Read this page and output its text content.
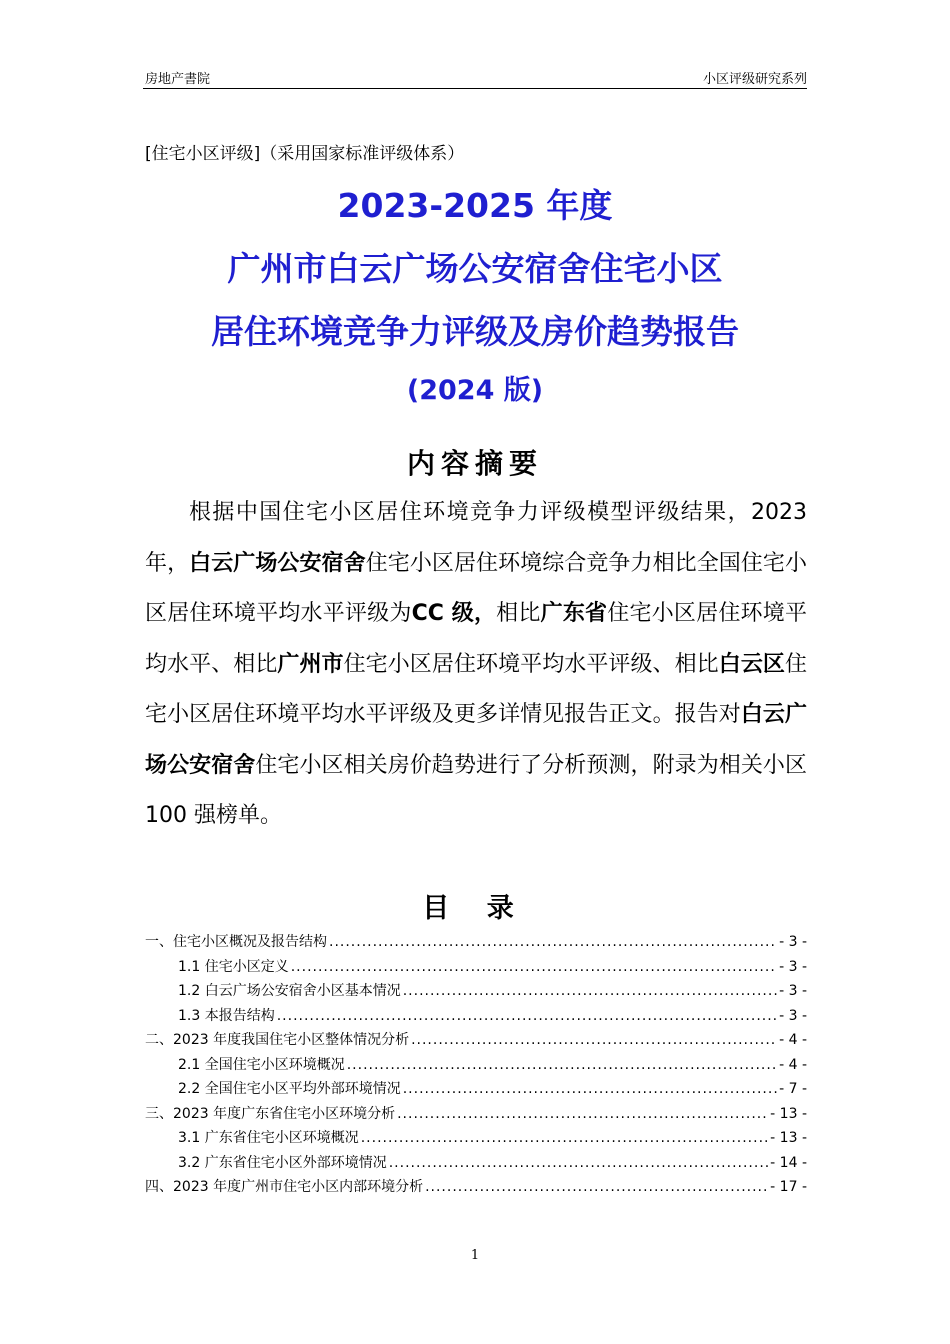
房地产書院	小区评级研究系列
[住宅小区评级]（采用国家标准评级体系）
2023-2025 年度
广州市白云广场公安宿舍住宅小区
居住环境竞争力评级及房价趋势报告
(2024 版)
内容摘要
根据中国住宅小区居住环境竞争力评级模型评级结果，2023 年，白云广场公安宿舍住宅小区居住环境综合竞争力相比全国住宅小区居住环境平均水平评级为CC 级，相比广东省住宅小区居住环境平均水平、相比广州市住宅小区居住环境平均水平评级、相比白云区住宅小区居住环境平均水平评级及更多详情见报告正文。报告对白云广场公安宿舍住宅小区相关房价趋势进行了分析预测，附录为相关小区 100 强榜单。
目 录
一、住宅小区概况及报告结构 .....	- 3 -
1.1 住宅小区定义 .....	- 3 -
1.2 白云广场公安宿舍小区基本情况 .....	- 3 -
1.3 本报告结构 .....	- 3 -
二、2023 年度我国住宅小区整体情况分析 .....	- 4 -
2.1 全国住宅小区环境概况 .....	- 4 -
2.2 全国住宅小区平均外部环境情况 .....	- 7 -
三、2023 年度广东省住宅小区环境分析 .....	- 13 -
3.1 广东省住宅小区环境概况 .....	- 13 -
3.2 广东省住宅小区外部环境情况 .....	- 14 -
四、2023 年度广州市住宅小区内部环境分析 .....	- 17 -
1
